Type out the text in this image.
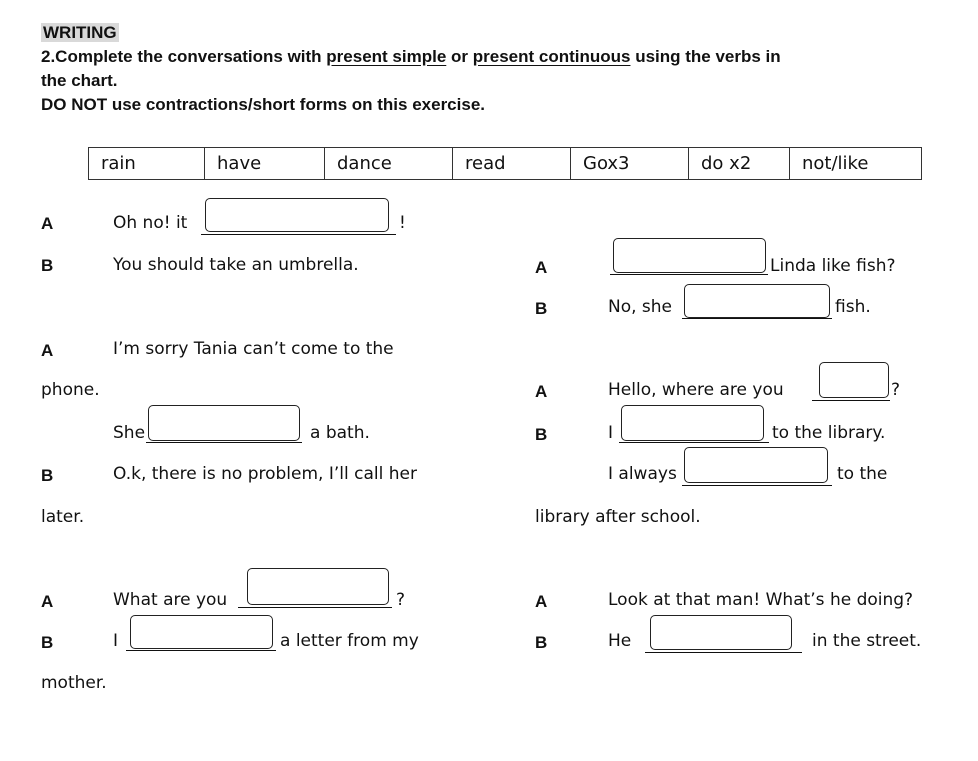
WRITING
2.Complete the conversations with present simple or present continuous using the verbs in
the chart.
DO NOT use contractions/short forms on this exercise.
rain	have	dance	read	Gox3	do x2	not/like
A	Oh no! it	!
B	You should take an umbrella.
A	I’m sorry Tania can’t come to the
phone.
She	a bath.
B	O.k, there is no problem, I’ll call her
later.
A	What are you	?
B	I	a letter from my
mother.
A	Linda like fish?
B	No, she	fish.
A	Hello, where are you	?
B	I	to the library.
I always	to the
library after school.
A	Look at that man! What’s he doing?
B	He	in the street.
